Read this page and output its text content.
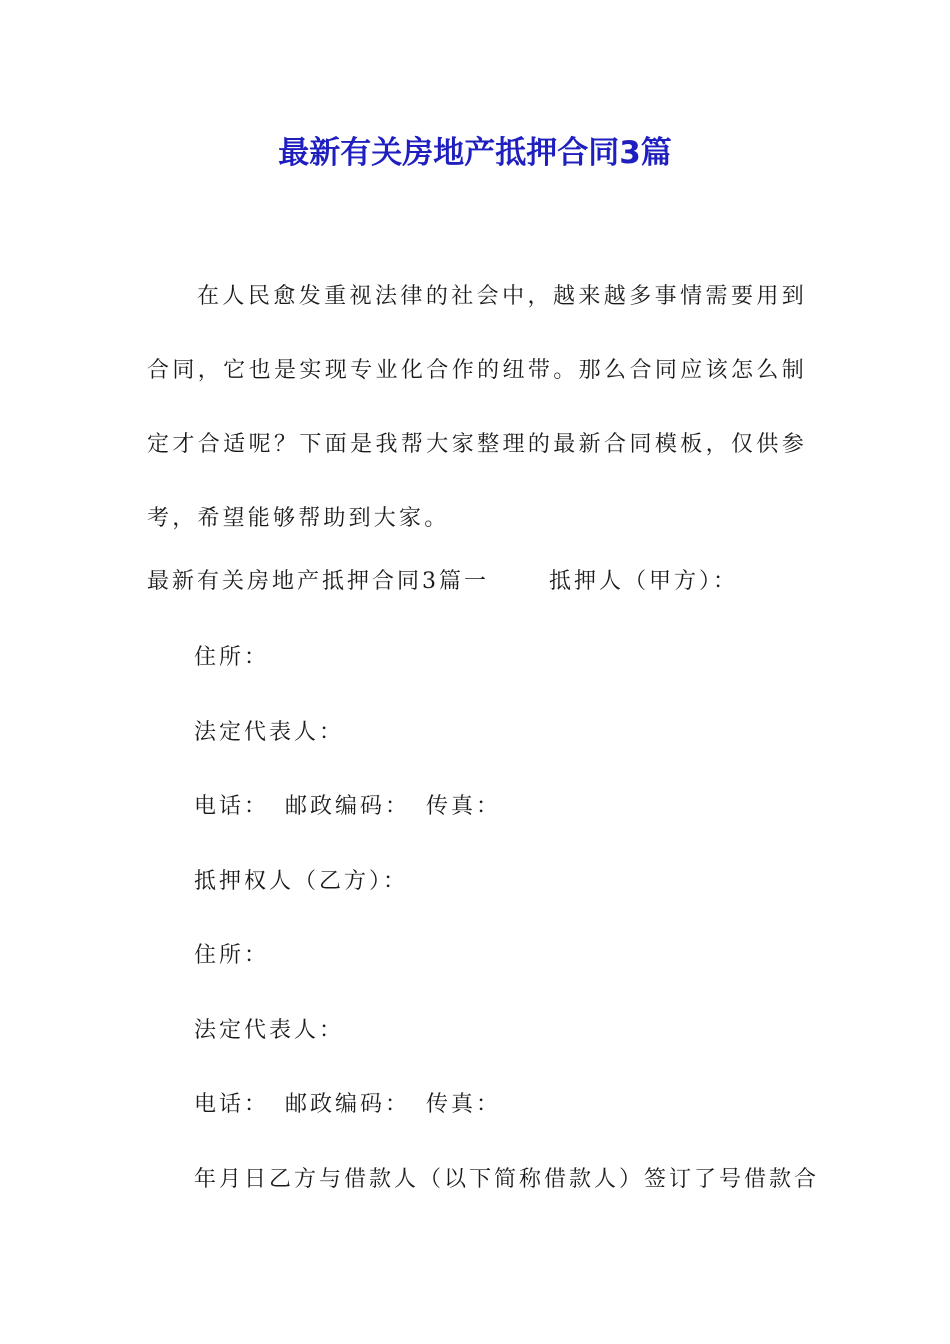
最新有关房地产抵押合同3篇

在人民愈发重视法律的社会中，越来越多事情需要用到合同，它也是实现专业化合作的纽带。那么合同应该怎么制定才合适呢？下面是我帮大家整理的最新合同模板，仅供参考，希望能够帮助到大家。

最新有关房地产抵押合同3篇一	抵押人（甲方）：

住所：

法定代表人：

电话： 邮政编码： 传真：

抵押权人（乙方）：

住所：

法定代表人：

电话： 邮政编码： 传真：

年月日乙方与借款人（以下简称借款人）签订了号借款合
